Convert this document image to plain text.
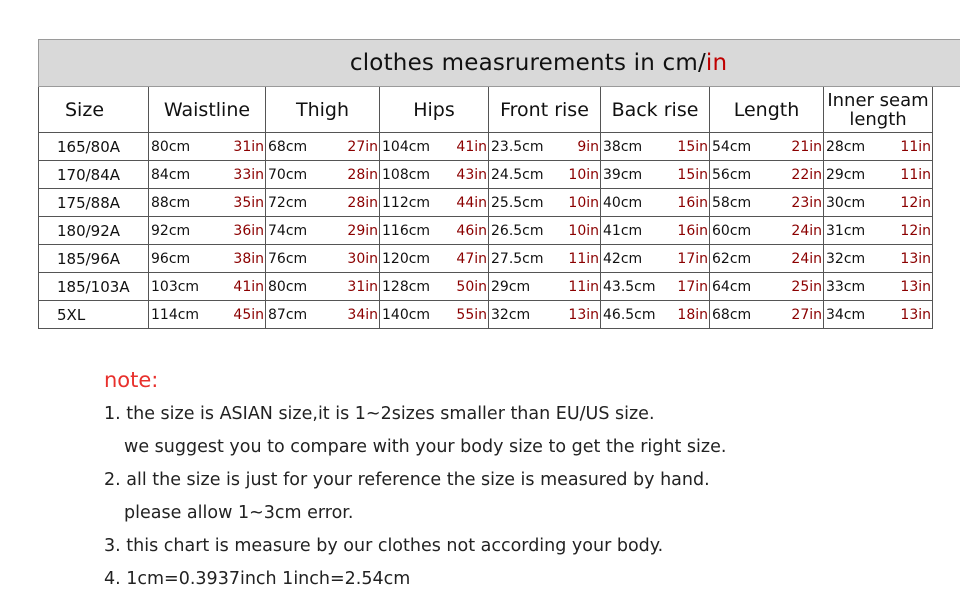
clothes measrurements in cm/in														
Size	Waistline		Thigh		Hips		Front rise		Back rise		Length		Inner seam length	
165/80A	80cm	31in	68cm	27in	104cm	41in	23.5cm	9in	38cm	15in	54cm	21in	28cm	11in
170/84A	84cm	33in	70cm	28in	108cm	43in	24.5cm	10in	39cm	15in	56cm	22in	29cm	11in
175/88A	88cm	35in	72cm	28in	112cm	44in	25.5cm	10in	40cm	16in	58cm	23in	30cm	12in
180/92A	92cm	36in	74cm	29in	116cm	46in	26.5cm	10in	41cm	16in	60cm	24in	31cm	12in
185/96A	96cm	38in	76cm	30in	120cm	47in	27.5cm	11in	42cm	17in	62cm	24in	32cm	13in
185/103A	103cm	41in	80cm	31in	128cm	50in	29cm	11in	43.5cm	17in	64cm	25in	33cm	13in
5XL	114cm	45in	87cm	34in	140cm	55in	32cm	13in	46.5cm	18in	68cm	27in	34cm	13in
note:
1. the size is ASIAN size,it is 1~2sizes smaller than EU/US size.
we suggest you to compare with your body size to get the right size.
2. all the size is just for your reference the size is measured by hand.
please allow 1~3cm error.
3. this chart is measure by our clothes not according your body.
4. 1cm=0.3937inch 1inch=2.54cm
